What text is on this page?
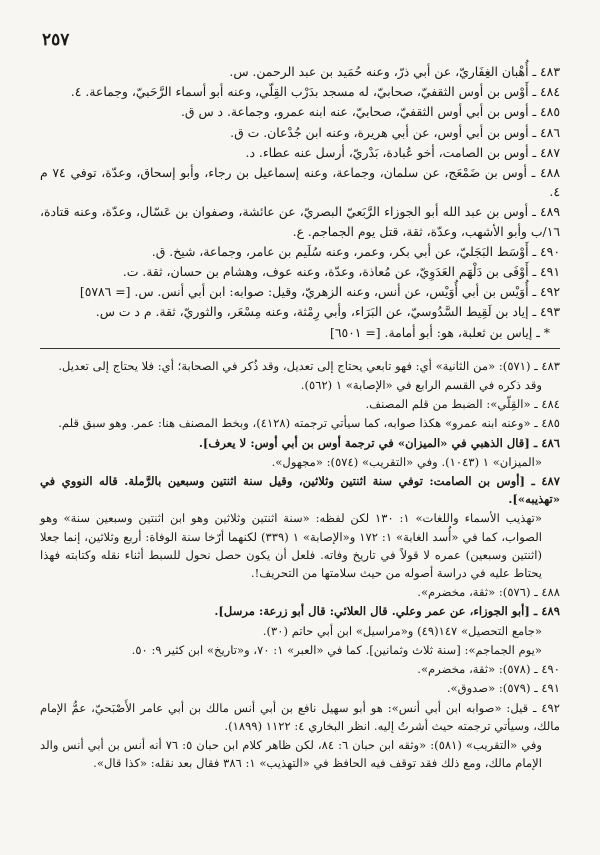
٢٥٧

٤٨٣ ـ أُهْبان الغِفَاريّ، عن أبي ذرّ، وعنه حُمَيد بن عبد الرحمن. س.

٤٨٤ ـ أَوْس بن أوس الثقفيّ، صحابيّ، له مسجد بدَرْب القِلّي، وعنه أبو أسماء الرَّحَبيّ، وجماعة. ٤.

٤٨٥ ـ أوس بن أبي أوس الثقفيّ، صحابيّ، عنه ابنه عمرو، وجماعة. د س ق.

٤٨٦ ـ أوس بن أبي أوس، عن أبي هريرة، وعنه ابن جُدْعان. ت ق.

٤٨٧ ـ أوس بن الصامت، أخو عُبادة، بَدْريّ، أرسل عنه عطاء. د.

٤٨٨ ـ أوس بن ضَمْعَج، عن سلمان، وجماعة، وعنه إسماعيل بن رجاء، وأبو إسحاق، وعدّة، توفي ٧٤ م ٤.

٤٨٩ ـ أوس بن عبد الله أبو الجوزاء الرَّبَعيّ البصريّ، عن عائشة، وصفوان بن عَسّال، وعدّة، وعنه قتادة، ١٦/ب وأبو الأشهب، وعدّة، ثقة، قتل يوم الجماجم. ع.

٤٩٠ ـ أَوْسَط البَجَليّ، عن أبي بكر، وعمر، وعنه سُلَيم بن عامر، وجماعة، شيخ. ق.

٤٩١ ـ أَوْفَى بن دَلْهَم العَدَوِيّ، عن مُعاذة، وعدّة، وعنه عوف، وهشام بن حسان، ثقة. ت.

٤٩٢ ـ أُوَيْس بن أبي أُوَيْس، عن أنس، وعنه الزهريّ، وقيل: صوابه: ابن أبي أنس. س. [= ٥٧٨٦]

٤٩٣ ـ إياد بن لَقِيط السَّدُوسيّ، عن البَرَاء، وأبي رِمْثة، وعنه مِسْعَر، والثوريّ، ثقة. م د ت س.

* ـ إياس بن ثعلبة، هو: أبو أمامة. [= ٦٥٠١]

٤٨٣ ـ (٥٧١): «من الثانية» أي: فهو تابعي يحتاج إلى تعديل، وقد ذُكر في الصحابة؛ أي: فلا يحتاج إلى تعديل.

وقد ذكره في القسم الرابع في «الإصابة» ١ (٥٦٢).

٤٨٤ ـ «القِلّي»: الضبط من قلم المصنف.

٤٨٥ ـ «وعنه ابنه عمرو» هكذا صوابه، كما سيأتي ترجمته (٤١٢٨)، وبخط المصنف هنا: عمر. وهو سبق قلم.

٤٨٦ ـ [قال الذهبي في «الميزان» في ترجمة أوس بن أبي أوس: لا يعرف].

«الميزان» ١ (١٠٤٣). وفي «التقريب» (٥٧٤): «مجهول».

٤٨٧ ـ [أوس بن الصامت: توفي سنة اثنتين وثلاثين، وقيل سنة اثنتين وسبعين بالرَّملة. قاله النووي في «تهذيبه»].

«تهذيب الأسماء واللغات» ١: ١٣٠ لكن لفظه: «سنة اثنتين وثلاثين وهو ابن اثنتين وسبعين سنة» وهو الصواب، كما في «أُسد الغابة» ١: ١٧٢ و«الإصابة» ١ (٣٣٩) لكنهما أرّخا سنة الوفاة: أربع وثلاثين، إنما جعلا (اثنتين وسبعين) عمره لا قولاً في تاريخ وفاته. فلعل أن يكون حصل نحول للسبط أثناء نقله وكتابته فهذا يحتاط عليه في دراسة أصوله من حيث سلامتها من التحريف!.

٤٨٨ ـ (٥٧٦): «ثقة، مخضرم».

٤٨٩ ـ [أبو الجوزاء، عن عمر وعلي. قال العلائي: قال أبو زرعة: مرسل].

«جامع التحصيل» ١٤٧(٤٩) و«مراسيل» ابن أبي حاتم (٣٠).

«يوم الجماجم»: [سنة ثلاث وثمانين]. كما في «العبر» ١: ٧٠، و«تاريخ» ابن كثير ٩: ٥٠.

٤٩٠ ـ (٥٧٨): «ثقة، مخضرم».

٤٩١ ـ (٥٧٩): «صدوق».

٤٩٢ ـ قيل: «صوابه ابن أبي أنس»: هو أبو سهيل نافع بن أبي أنس مالك بن أبي عامر الأَصْبَحيّ، عمُّ الإمام مالك، وسيأتي ترجمته حيث أشرتُ إليه. انظر البخاري ٤: ١١٢٢ (١٨٩٩).

وفي «التقريب» (٥٨١): «وثقه ابن حبان ٦: ٨٤، لكن ظاهر كلام ابن حبان ٥: ٧٦ أنه أنس بن أبي أنس والد الإمام مالك، ومع ذلك فقد توقف فيه الحافظ في «التهذيب» ١: ٣٨٦ فقال بعد نقله: «كذا قال».
